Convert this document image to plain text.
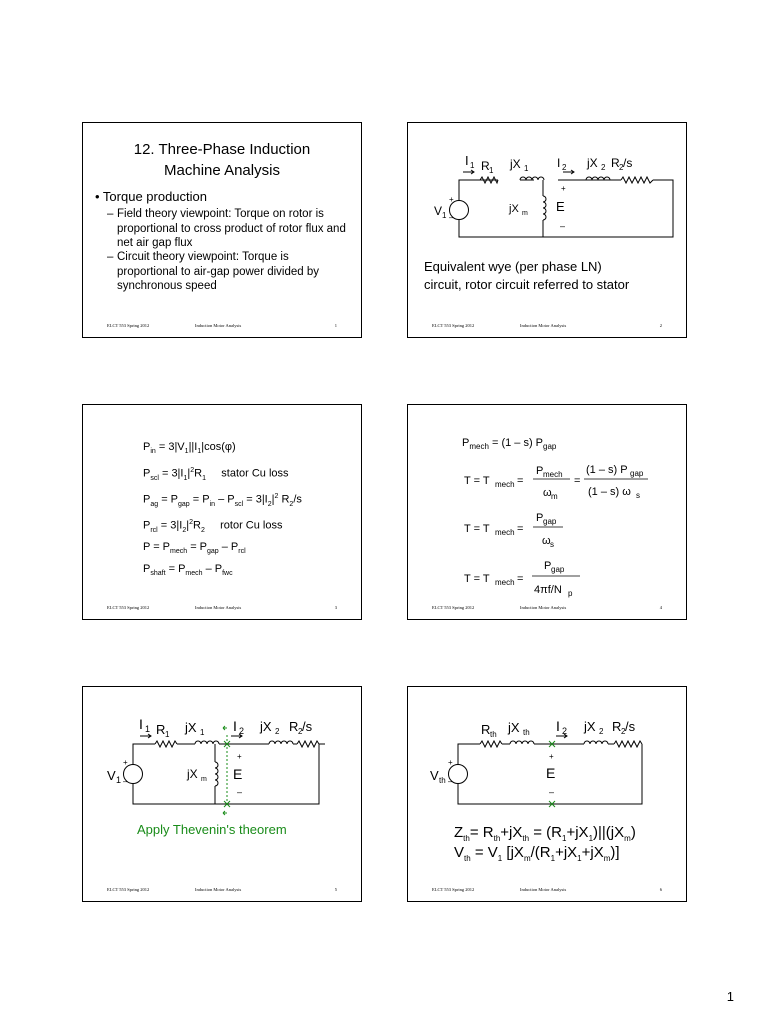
12. Three-Phase Induction
Machine Analysis
• Torque production
– Field theory viewpoint: Torque on rotor is proportional to cross product of rotor flux and net air gap flux
– Circuit theory viewpoint: Torque is proportional to air-gap power divided by synchronous speed
ELCT 553 Spring 2012	Induction Motor Analysis	1
I 1 R 1 jX 1 I 2 jX 2 R 2 /s
jX m E
+
–
V 1
+
–
Equivalent wye (per phase LN)
circuit, rotor circuit referred to stator
ELCT 553 Spring 2012	Induction Motor Analysis	2
$P_{in} = 3|V_1||I_1|\cos(\varphi)$
$P_{scl} = 3|I_1|^2R_1$ stator Cu loss
$P_{ag} = P_{gap} = P_{in} - P_{scl} = 3|I_2|^2$ $R_2/s$
$P_{rcl} = 3|I_2|^2R_2$ rotor Cu loss
$P = P_{mech} = P_{gap} - P_{rcl}$
$P_{shaft} = P_{mech} - P_{fwc}$
ELCT 553 Spring 2012	Induction Motor Analysis	3
$P_{mech} = (1 - s)$ $P_{gap}$
T = T mech =
P mech
ω m
=
(1 – s) P gap
(1 – s) ω s
T = T mech =
P gap
ω s
T = T mech =
P gap
4πf/N p
ELCT 553 Spring 2012	Induction Motor Analysis	4
I 1 R 1 jX 1 I 2 jX 2 R 2 /s
jX m E
+
–
V 1
+
–
Apply Thevenin's theorem
ELCT 553 Spring 2012	Induction Motor Analysis	5
R th jX th I 2 jX 2 R 2 /s
E
+
–
V th
+
–
$Z_{th}= R_{th}+jX_{th} = (R_1+jX_1)||(jX_m)$
$V_{th} = V_1$ $[jX_m/(R_1+jX_1+jX_m)]$
ELCT 553 Spring 2012	Induction Motor Analysis	6
1
